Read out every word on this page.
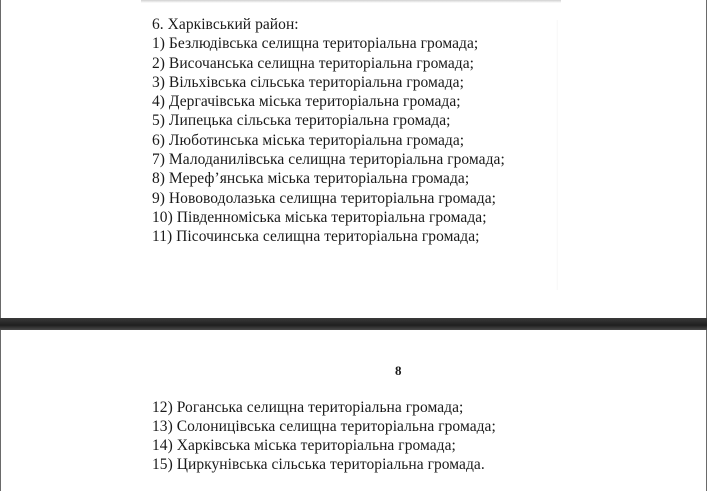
6. Харківський район:
1) Безлюдівська селищна територіальна громада;
2) Височанська селищна територіальна громада;
3) Вільхівська сільська територіальна громада;
4) Дергачівська міська територіальна громада;
5) Липецька сільська територіальна громада;
6) Люботинська міська територіальна громада;
7) Малоданилівська селищна територіальна громада;
8) Мереф’янська міська територіальна громада;
9) Нововодолазька селищна територіальна громада;
10) Південноміська міська територіальна громада;
11) Пісочинська селищна територіальна громада;
8
12) Роганська селищна територіальна громада;
13) Солоницівська селищна територіальна громада;
14) Харківська міська територіальна громада;
15) Циркунівська сільська територіальна громада.
